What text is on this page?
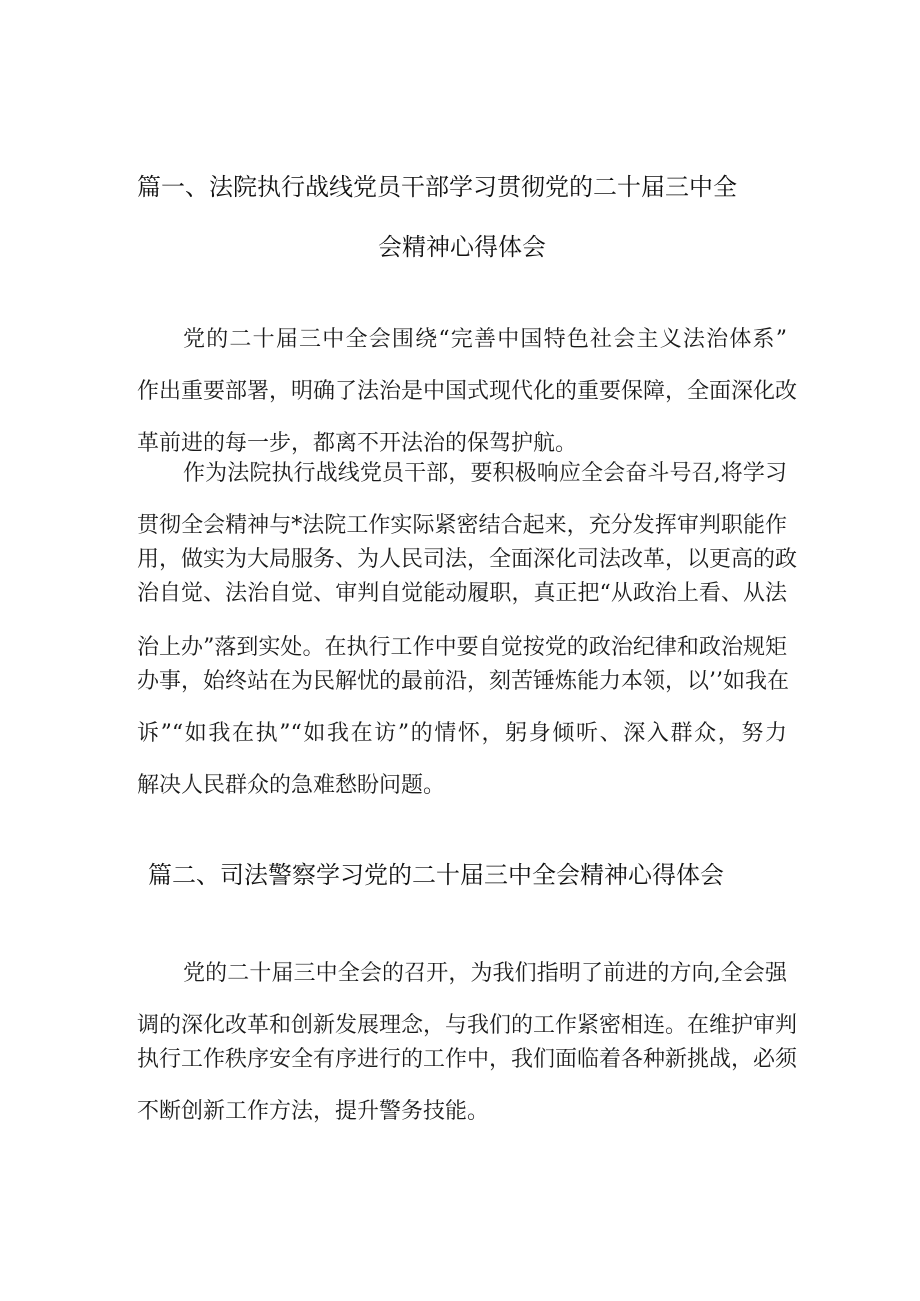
篇一、法院执行战线党员干部学习贯彻党的二十届三中全
会精神心得体会
党的二十届三中全会围绕“完善中国特色社会主义法治体系”
作出重要部署，明确了法治是中国式现代化的重要保障，全面深化改
革前进的每一步，都离不开法治的保驾护航。
作为法院执行战线党员干部，要积极响应全会奋斗号召,将学习
贯彻全会精神与*法院工作实际紧密结合起来，充分发挥审判职能作
用，做实为大局服务、为人民司法，全面深化司法改革，以更高的政
治自觉、法治自觉、审判自觉能动履职，真正把“从政治上看、从法
治上办”落到实处。在执行工作中要自觉按党的政治纪律和政治规矩
办事，始终站在为民解忧的最前沿，刻苦锤炼能力本领，以’’如我在
诉”“如我在执”“如我在访”的情怀，躬身倾听、深入群众，努力
解决人民群众的急难愁盼问题。
篇二、司法警察学习党的二十届三中全会精神心得体会
党的二十届三中全会的召开，为我们指明了前进的方向,全会强
调的深化改革和创新发展理念，与我们的工作紧密相连。在维护审判
执行工作秩序安全有序进行的工作中，我们面临着各种新挑战，必须
不断创新工作方法，提升警务技能。
